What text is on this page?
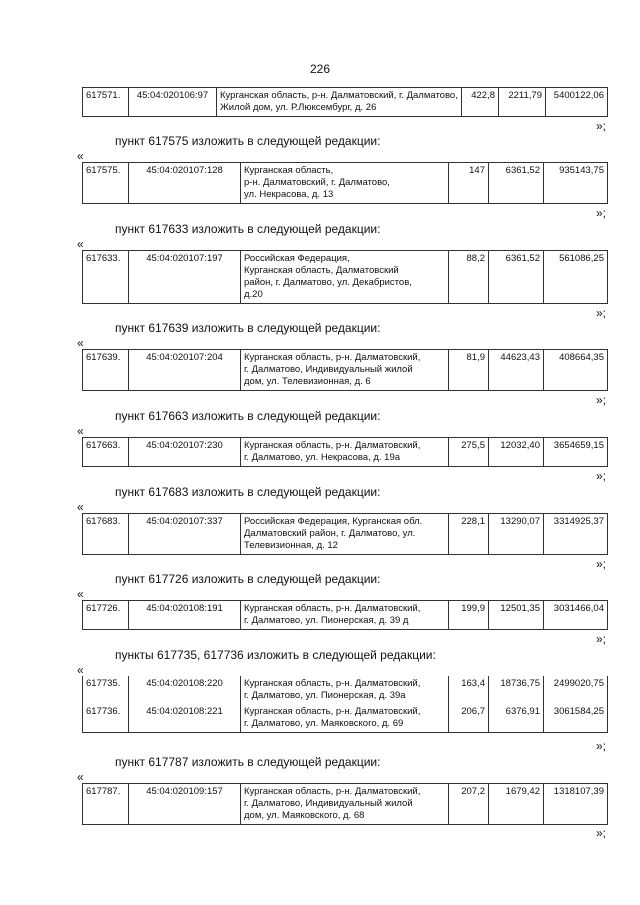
226
617571.	45:04:020106:97	Курганская область, р-н. Далматовский, г. Далматово, Жилой дом, ул. Р.Люксембург, д. 26	422,8	2211,79	5400122,06
»;
пункт 617575 изложить в следующей редакции:
«
617575.	45:04:020107:128	Курганская область,
р-н. Далматовский, г. Далматово,
ул. Некрасова, д. 13	147	6361,52	935143,75
»;
пункт 617633 изложить в следующей редакции:
«
617633.	45:04:020107:197	Российская Федерация,
Курганская область, Далматовский
район, г. Далматово, ул. Декабристов,
д.20	88,2	6361,52	561086,25
»;
пункт 617639 изложить в следующей редакции:
«
617639.	45:04:020107:204	Курганская область, р-н. Далматовский,
г. Далматово, Индивидуальный жилой
дом, ул. Телевизионная, д. 6	81,9	44623,43	408664,35
»;
пункт 617663 изложить в следующей редакции:
«
617663.	45:04:020107:230	Курганская область, р-н. Далматовский,
г. Далматово, ул. Некрасова, д. 19а	275,5	12032,40	3654659,15
»;
пункт 617683 изложить в следующей редакции:
«
617683.	45:04:020107:337	Российская Федерация, Курганская обл.
Далматовский район, г. Далматово, ул.
Телевизионная, д. 12	228,1	13290,07	3314925,37
»;
пункт 617726 изложить в следующей редакции:
«
617726.	45:04:020108:191	Курганская область, р-н. Далматовский,
г. Далматово, ул. Пионерская, д. 39 д	199,9	12501,35	3031466,04
»;
пункты 617735, 617736 изложить в следующей редакции:
«
617735.	45:04:020108:220	Курганская область, р-н. Далматовский,
г. Далматово, ул. Пионерская, д. 39а	163,4	18736,75	2499020,75
617736.	45:04:020108:221	Курганская область, р-н. Далматовский,
г. Далматово, ул. Маяковского, д. 69	206,7	6376,91	3061584,25
»;
пункт 617787 изложить в следующей редакции:
«
617787.	45:04:020109:157	Курганская область, р-н. Далматовский,
г. Далматово, Индивидуальный жилой
дом, ул. Маяковского, д. 68	207,2	1679,42	1318107,39
»;
